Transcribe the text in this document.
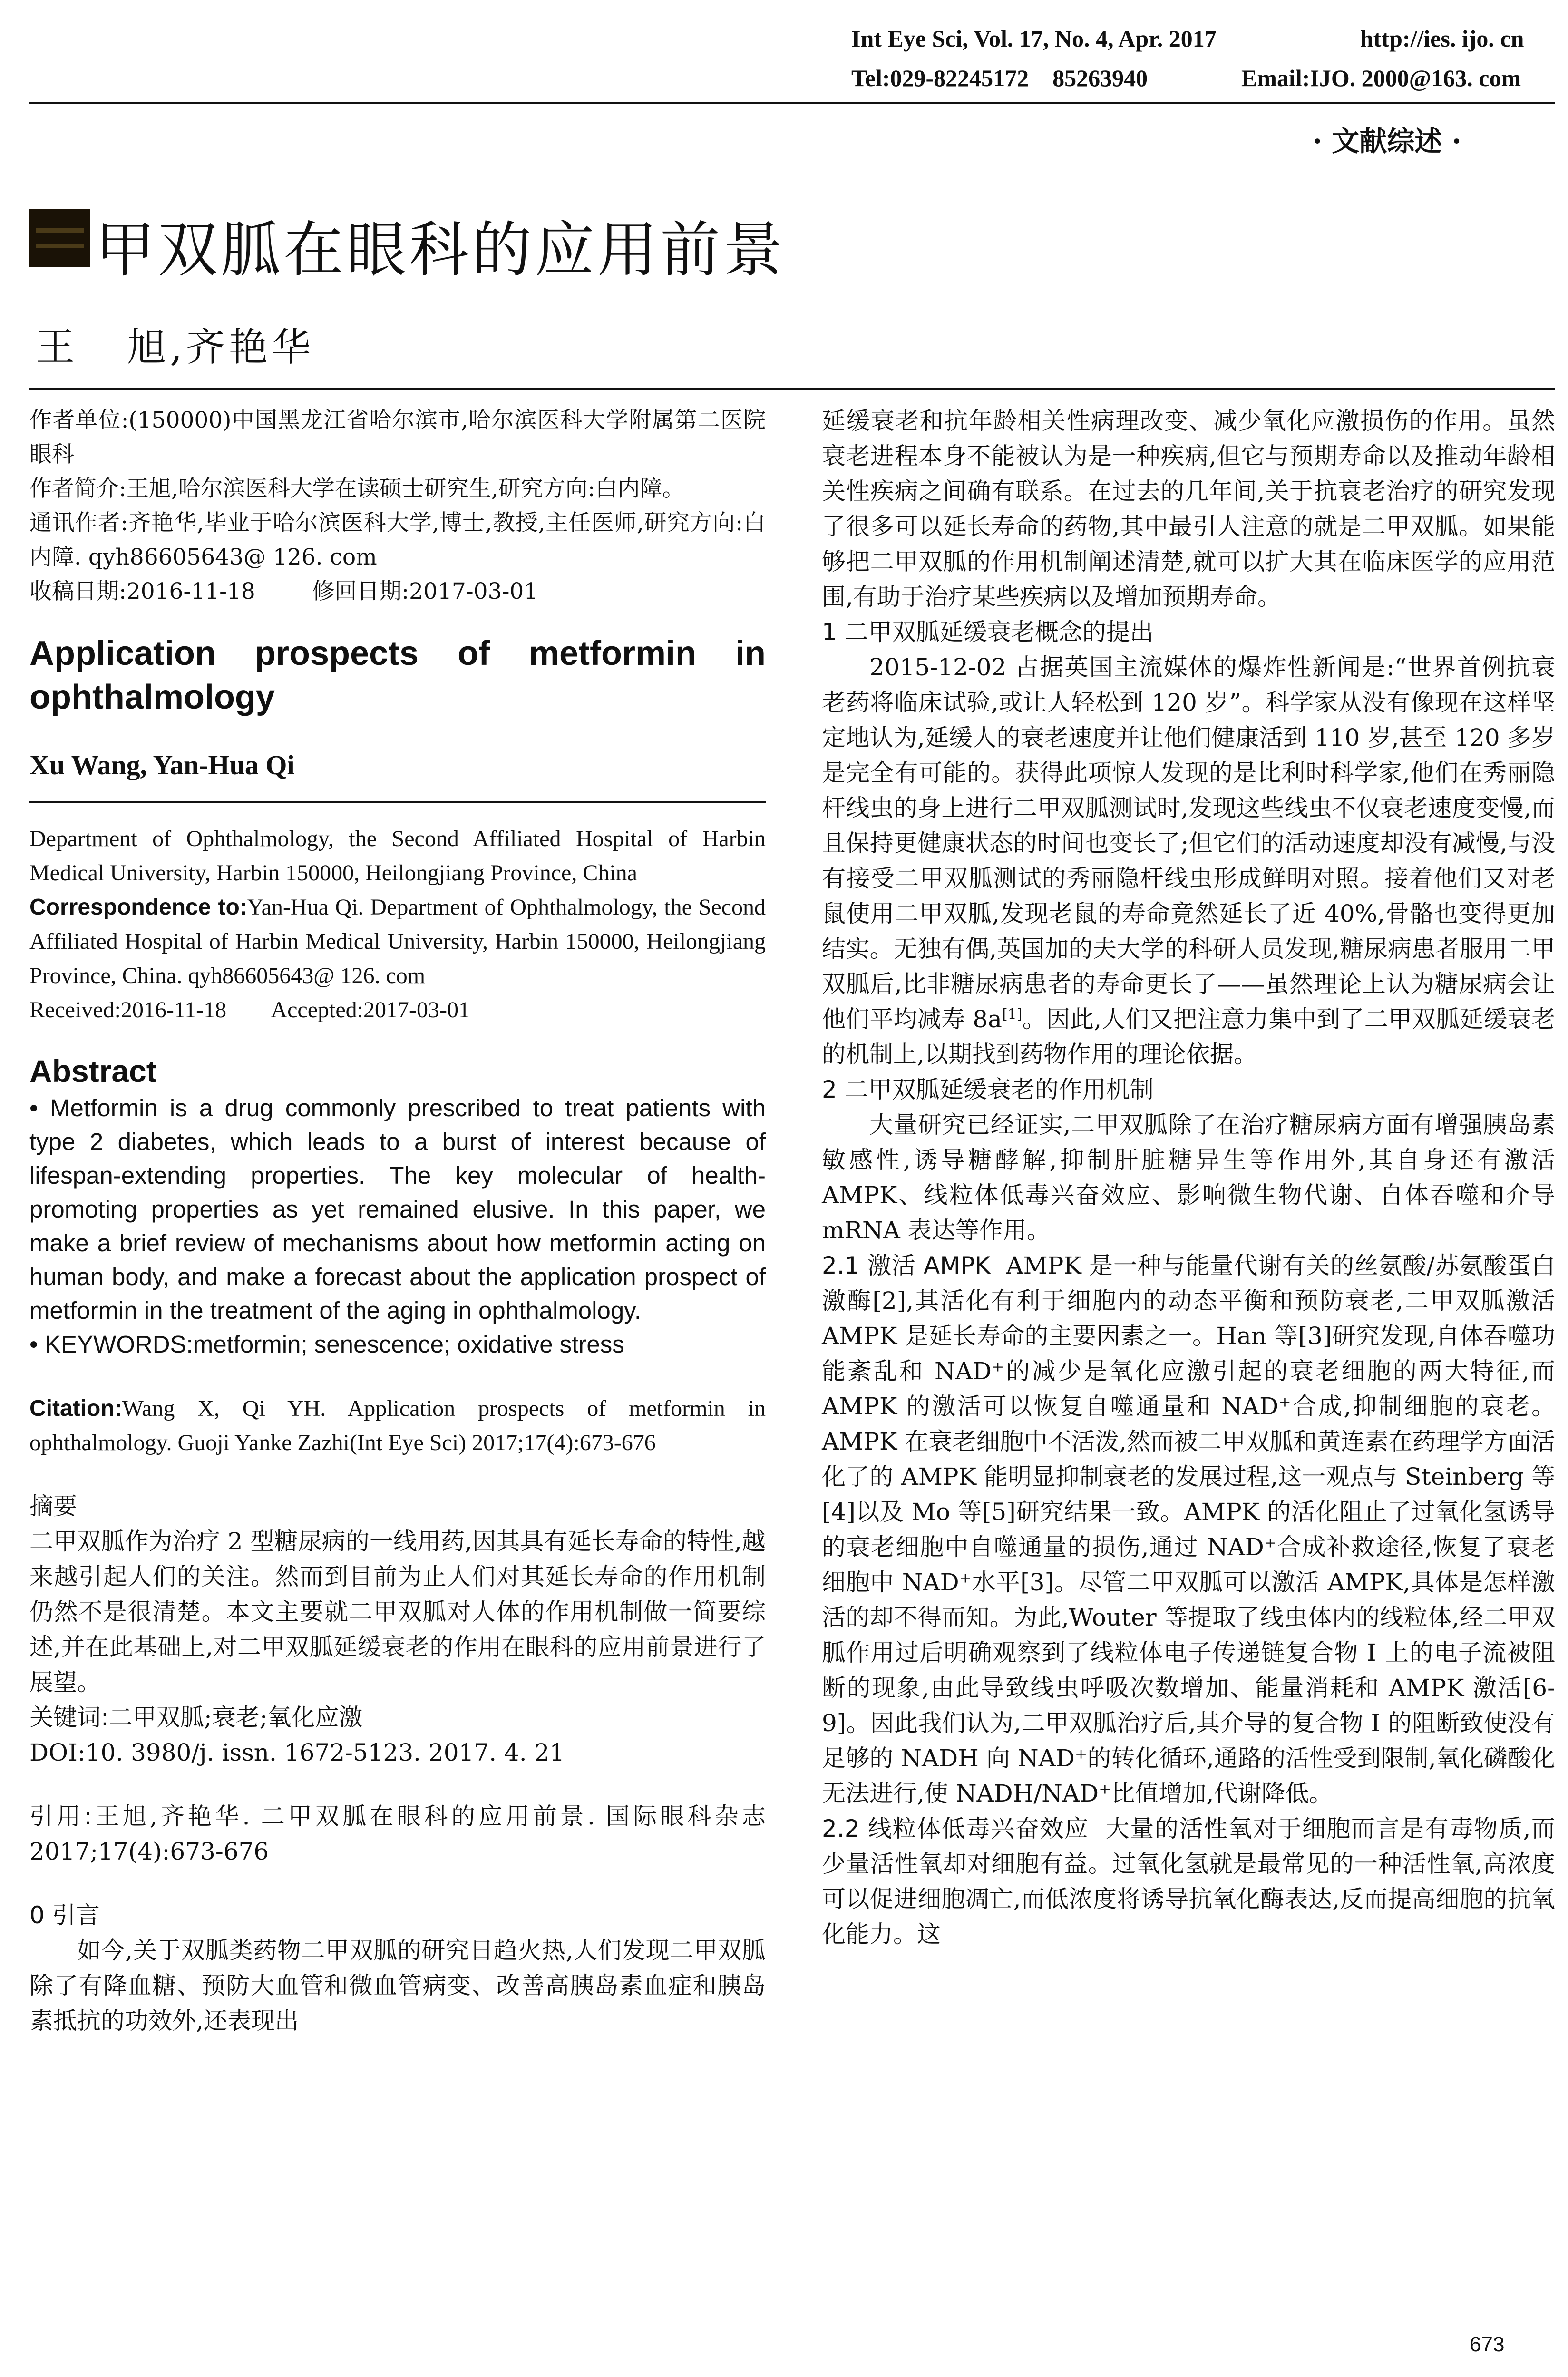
Int Eye Sci, Vol. 17, No. 4, Apr. 2017	http://ies. ijo. cn
Tel:029-82245172    85263940	Email:IJO. 2000@163. com
· 文献综述 ·
甲双胍在眼科的应用前景
王   旭,齐艳华

作者单位:(150000)中国黑龙江省哈尔滨市,哈尔滨医科大学附属第二医院眼科

作者简介:王旭,哈尔滨医科大学在读硕士研究生,研究方向:白内障。

通讯作者:齐艳华,毕业于哈尔滨医科大学,博士,教授,主任医师,研究方向:白内障. qyh86605643@ 126. com

收稿日期:2016-11-18        修回日期:2017-03-01

Application prospects of metformin in ophthalmology
Xu Wang, Yan-Hua Qi
Department of Ophthalmology, the Second Affiliated Hospital of Harbin Medical University, Harbin 150000, Heilongjiang Province, China
Correspondence to:Yan-Hua Qi. Department of Ophthalmology, the Second Affiliated Hospital of Harbin Medical University, Harbin 150000, Heilongjiang Province, China. qyh86605643@ 126. com
Received:2016-11-18        Accepted:2017-03-01
Abstract
• Metformin is a drug commonly prescribed to treat patients with type 2 diabetes, which leads to a burst of interest because of lifespan-extending properties. The key molecular of health-promoting properties as yet remained elusive. In this paper, we make a brief review of mechanisms about how metformin acting on human body, and make a forecast about the application prospect of metformin in the treatment of the aging in ophthalmology.
• KEYWORDS:metformin; senescence; oxidative stress
Citation:Wang X, Qi YH. Application prospects of metformin in ophthalmology. Guoji Yanke Zazhi(Int Eye Sci) 2017;17(4):673-676
摘要
二甲双胍作为治疗 2 型糖尿病的一线用药,因其具有延长寿命的特性,越来越引起人们的关注。然而到目前为止人们对其延长寿命的作用机制仍然不是很清楚。本文主要就二甲双胍对人体的作用机制做一简要综述,并在此基础上,对二甲双胍延缓衰老的作用在眼科的应用前景进行了展望。
关键词:二甲双胍;衰老;氧化应激
DOI:10. 3980/j. issn. 1672-5123. 2017. 4. 21
引用:王旭,齐艳华. 二甲双胍在眼科的应用前景. 国际眼科杂志 2017;17(4):673-676
0 引言
如今,关于双胍类药物二甲双胍的研究日趋火热,人们发现二甲双胍除了有降血糖、预防大血管和微血管病变、改善高胰岛素血症和胰岛素抵抗的功效外,还表现出
延缓衰老和抗年龄相关性病理改变、减少氧化应激损伤的作用。虽然衰老进程本身不能被认为是一种疾病,但它与预期寿命以及推动年龄相关性疾病之间确有联系。在过去的几年间,关于抗衰老治疗的研究发现了很多可以延长寿命的药物,其中最引人注意的就是二甲双胍。如果能够把二甲双胍的作用机制阐述清楚,就可以扩大其在临床医学的应用范围,有助于治疗某些疾病以及增加预期寿命。
1 二甲双胍延缓衰老概念的提出
2015-12-02 占据英国主流媒体的爆炸性新闻是:“世界首例抗衰老药将临床试验,或让人轻松到 120 岁”。科学家从没有像现在这样坚定地认为,延缓人的衰老速度并让他们健康活到 110 岁,甚至 120 多岁是完全有可能的。获得此项惊人发现的是比利时科学家,他们在秀丽隐杆线虫的身上进行二甲双胍测试时,发现这些线虫不仅衰老速度变慢,而且保持更健康状态的时间也变长了;但它们的活动速度却没有减慢,与没有接受二甲双胍测试的秀丽隐杆线虫形成鲜明对照。接着他们又对老鼠使用二甲双胍,发现老鼠的寿命竟然延长了近 40%,骨骼也变得更加结实。无独有偶,英国加的夫大学的科研人员发现,糖尿病患者服用二甲双胍后,比非糖尿病患者的寿命更长了——虽然理论上认为糖尿病会让他们平均减寿 8a[1]。因此,人们又把注意力集中到了二甲双胍延缓衰老的机制上,以期找到药物作用的理论依据。
2 二甲双胍延缓衰老的作用机制
大量研究已经证实,二甲双胍除了在治疗糖尿病方面有增强胰岛素敏感性,诱导糖酵解,抑制肝脏糖异生等作用外,其自身还有激活 AMPK、线粒体低毒兴奋效应、影响微生物代谢、自体吞噬和介导 mRNA 表达等作用。
2.1 激活 AMPK AMPK 是一种与能量代谢有关的丝氨酸/苏氨酸蛋白激酶[2],其活化有利于细胞内的动态平衡和预防衰老,二甲双胍激活 AMPK 是延长寿命的主要因素之一。Han 等[3]研究发现,自体吞噬功能紊乱和 NAD⁺的减少是氧化应激引起的衰老细胞的两大特征,而 AMPK 的激活可以恢复自噬通量和 NAD⁺合成,抑制细胞的衰老。AMPK 在衰老细胞中不活泼,然而被二甲双胍和黄连素在药理学方面活化了的 AMPK 能明显抑制衰老的发展过程,这一观点与 Steinberg 等[4]以及 Mo 等[5]研究结果一致。AMPK 的活化阻止了过氧化氢诱导的衰老细胞中自噬通量的损伤,通过 NAD⁺合成补救途径,恢复了衰老细胞中 NAD⁺水平[3]。尽管二甲双胍可以激活 AMPK,具体是怎样激活的却不得而知。为此,Wouter 等提取了线虫体内的线粒体,经二甲双胍作用过后明确观察到了线粒体电子传递链复合物 Ⅰ 上的电子流被阻断的现象,由此导致线虫呼吸次数增加、能量消耗和 AMPK 激活[6-9]。因此我们认为,二甲双胍治疗后,其介导的复合物 Ⅰ 的阻断致使没有足够的 NADH 向 NAD⁺的转化循环,通路的活性受到限制,氧化磷酸化无法进行,使 NADH/NAD⁺比值增加,代谢降低。
2.2 线粒体低毒兴奋效应 大量的活性氧对于细胞而言是有毒物质,而少量活性氧却对细胞有益。过氧化氢就是最常见的一种活性氧,高浓度可以促进细胞凋亡,而低浓度将诱导抗氧化酶表达,反而提高细胞的抗氧化能力。这
673
